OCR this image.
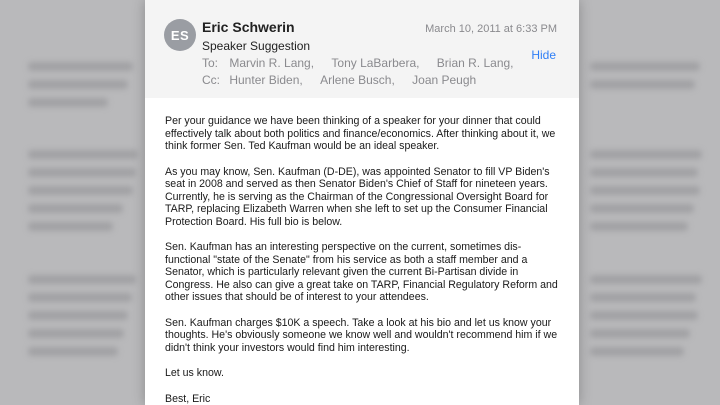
ES Eric Schwerin	March 10, 2011 at 6:33 PM
Speaker Suggestion
Hide
To: Marvin R. Lang, Tony LaBarbera, Brian R. Lang,
Cc: Hunter Biden, Arlene Busch, Joan Peugh

Per your guidance we have been thinking of a speaker for your dinner that could effectively talk about both politics and finance/economics. After thinking about it, we think former Sen. Ted Kaufman would be an ideal speaker.

As you may know, Sen. Kaufman (D-DE), was appointed Senator to fill VP Biden's seat in 2008 and served as then Senator Biden's Chief of Staff for nineteen years. Currently, he is serving as the Chairman of the Congressional Oversight Board for TARP, replacing Elizabeth Warren when she left to set up the Consumer Financial Protection Board. His full bio is below.

Sen. Kaufman has an interesting perspective on the current, sometimes dis-functional "state of the Senate" from his service as both a staff member and a Senator, which is particularly relevant given the current Bi-Partisan divide in Congress. He also can give a great take on TARP, Financial Regulatory Reform and other issues that should be of interest to your attendees.

Sen. Kaufman charges $10K a speech. Take a look at his bio and let us know your thoughts. He's obviously someone we know well and wouldn't recommend him if we didn't think your investors would find him interesting.

Let us know.

Best, Eric
